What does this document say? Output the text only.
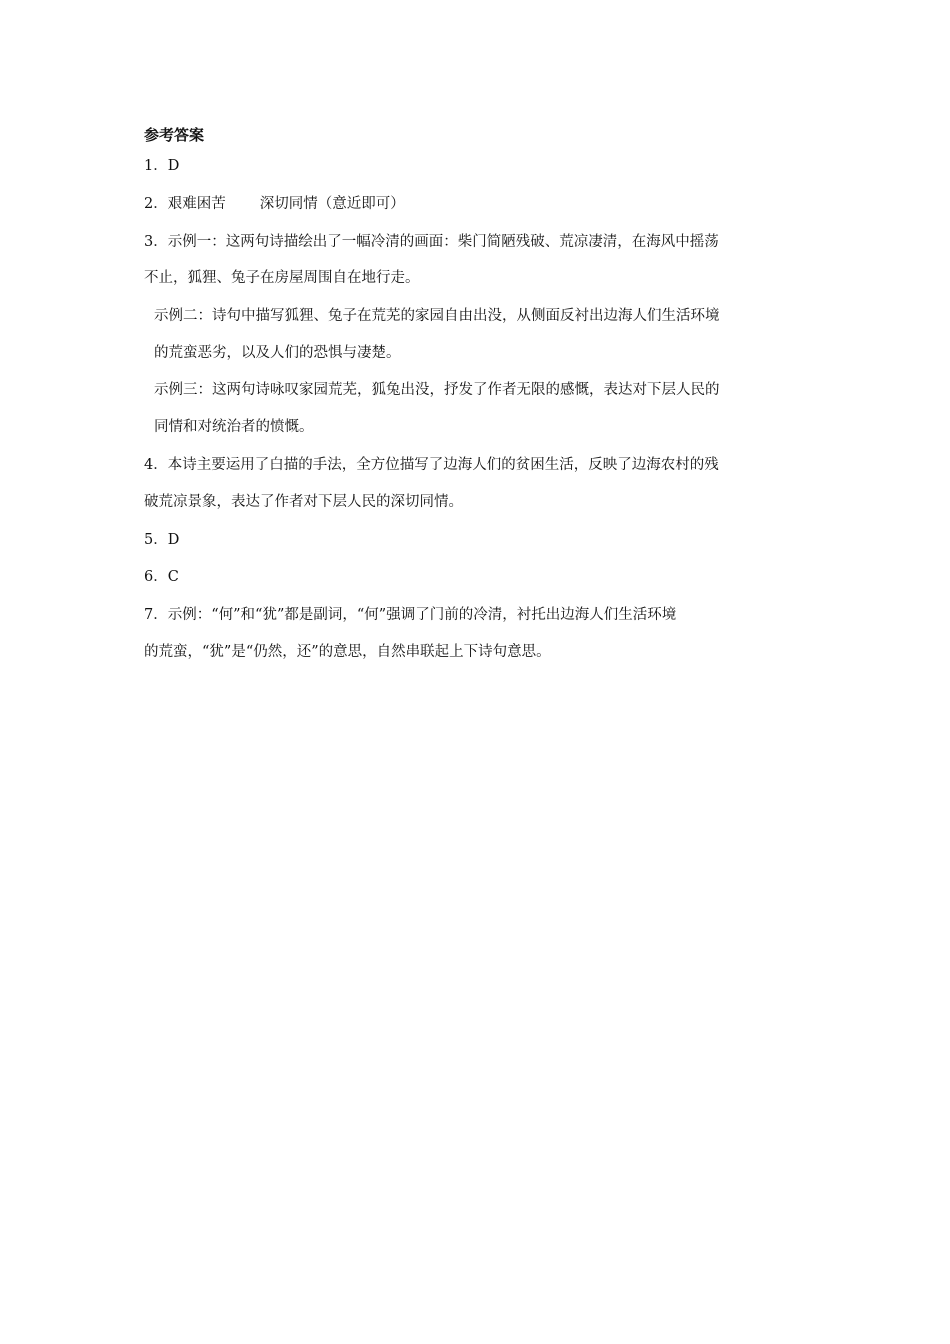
参考答案
1．D
2．艰难困苦 深切同情（意近即可）
3．示例一：这两句诗描绘出了一幅冷清的画面：柴门简陋残破、荒凉凄清，在海风中摇荡
不止，狐狸、兔子在房屋周围自在地行走。
示例二：诗句中描写狐狸、兔子在荒芜的家园自由出没，从侧面反衬出边海人们生活环境
的荒蛮恶劣，以及人们的恐惧与凄楚。
示例三：这两句诗咏叹家园荒芜，狐兔出没，抒发了作者无限的感慨，表达对下层人民的
同情和对统治者的愤慨。
4．本诗主要运用了白描的手法，全方位描写了边海人们的贫困生活，反映了边海农村的残
破荒凉景象，表达了作者对下层人民的深切同情。
5．D
6．C
7．示例：“何”和“犹”都是副词，“何”强调了门前的冷清，衬托出边海人们生活环境
的荒蛮，“犹”是“仍然，还”的意思，自然串联起上下诗句意思。
